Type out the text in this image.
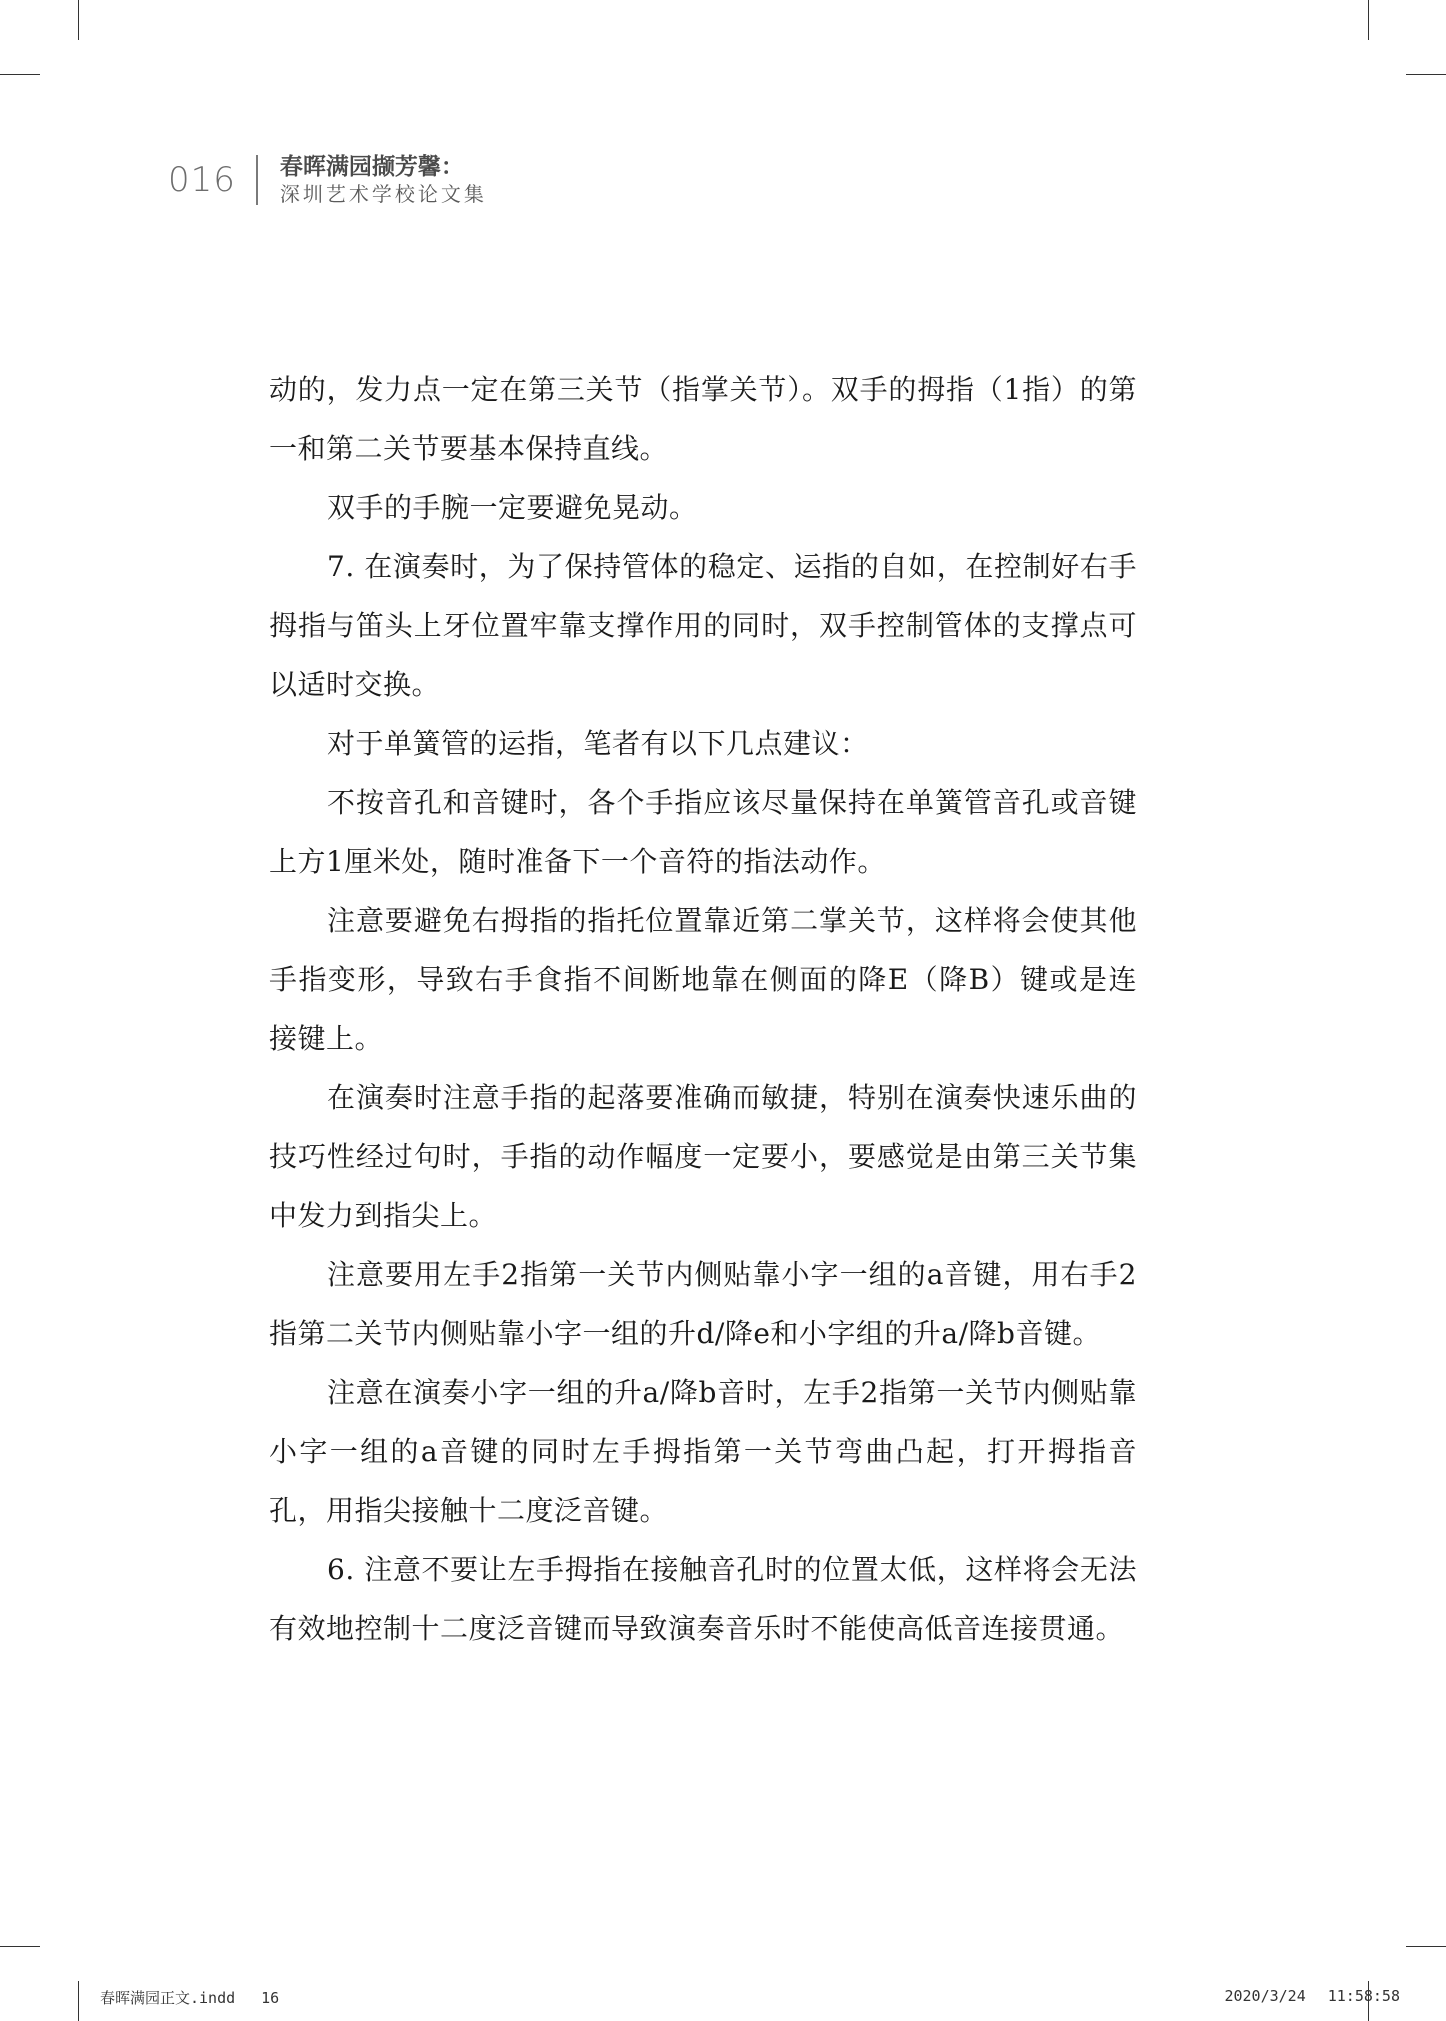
016 春晖满园撷芳馨：
深圳艺术学校论文集

动的，发力点一定在第三关节（指掌关节）。双手的拇指（1指）的第一和第二关节要基本保持直线。

双手的手腕一定要避免晃动。

7. 在演奏时，为了保持管体的稳定、运指的自如，在控制好右手拇指与笛头上牙位置牢靠支撑作用的同时，双手控制管体的支撑点可以适时交换。

对于单簧管的运指，笔者有以下几点建议：

不按音孔和音键时，各个手指应该尽量保持在单簧管音孔或音键上方1厘米处，随时准备下一个音符的指法动作。

注意要避免右拇指的指托位置靠近第二掌关节，这样将会使其他手指变形，导致右手食指不间断地靠在侧面的降E（降B）键或是连接键上。

在演奏时注意手指的起落要准确而敏捷，特别在演奏快速乐曲的技巧性经过句时，手指的动作幅度一定要小，要感觉是由第三关节集中发力到指尖上。

注意要用左手2指第一关节内侧贴靠小字一组的a音键，用右手2指第二关节内侧贴靠小字一组的升d/降e和小字组的升a/降b音键。

注意在演奏小字一组的升a/降b音时，左手2指第一关节内侧贴靠小字一组的a音键的同时左手拇指第一关节弯曲凸起，打开拇指音孔，用指尖接触十二度泛音键。

6. 注意不要让左手拇指在接触音孔时的位置太低，这样将会无法有效地控制十二度泛音键而导致演奏音乐时不能使高低音连接贯通。

春晖满园正文.indd 16	2020/3/24 11:58:58
